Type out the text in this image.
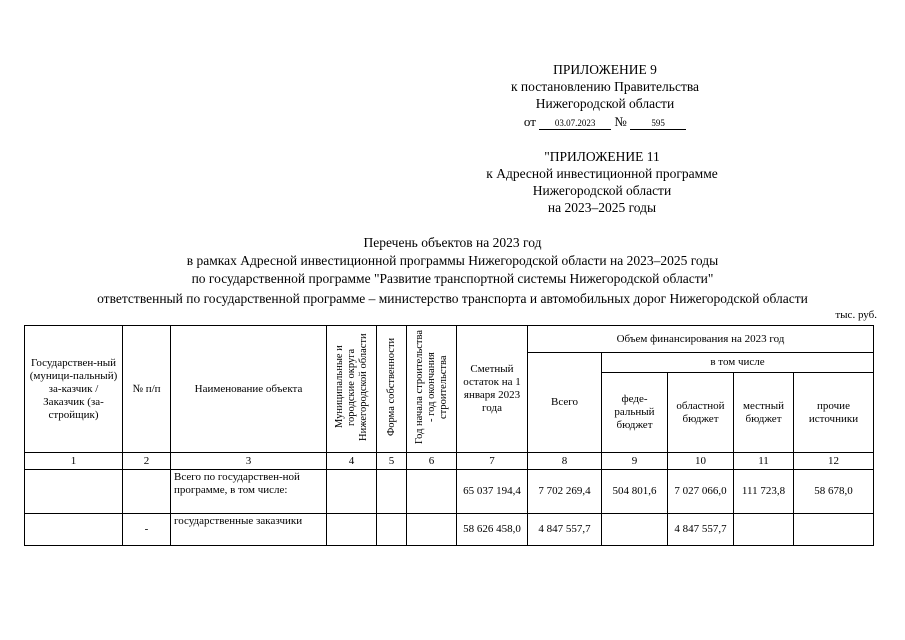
ПРИЛОЖЕНИЕ 9
к постановлению Правительства
Нижегородской области
от 03.07.2023 №	595
"ПРИЛОЖЕНИЕ 11
к Адресной инвестиционной программе
Нижегородской области
на 2023–2025 годы
Перечень объектов на 2023 год
в рамках Адресной инвестиционной программы Нижегородской области на 2023–2025 годы
по государственной программе "Развитие транспортной системы Нижегородской области"
ответственный по государственной программе – министерство транспорта и автомобильных дорог Нижегородской области
тыс. руб.
Государствен-ный (муници-пальный) за-казчик / Заказчик (за-стройщик)	№ п/п	Наименование объекта	Муниципальные и городские округа Нижегородской области	Форма собственности	Год начала строительства - год окончания строительства	Сметный остаток на 1 января 2023 года	Объем финансирования на 2023 год				
							Всего	в том числе			
								феде-ральный бюджет	областной бюджет	местный бюджет	прочие источники
1	2	3	4	5	6	7	8	9	10	11	12
		Всего по государствен-ной программе, в том числе:				65 037 194,4	7 702 269,4	504 801,6	7 027 066,0	111 723,8	58 678,0
	-	государственные заказчики				58 626 458,0	4 847 557,7		4 847 557,7		
